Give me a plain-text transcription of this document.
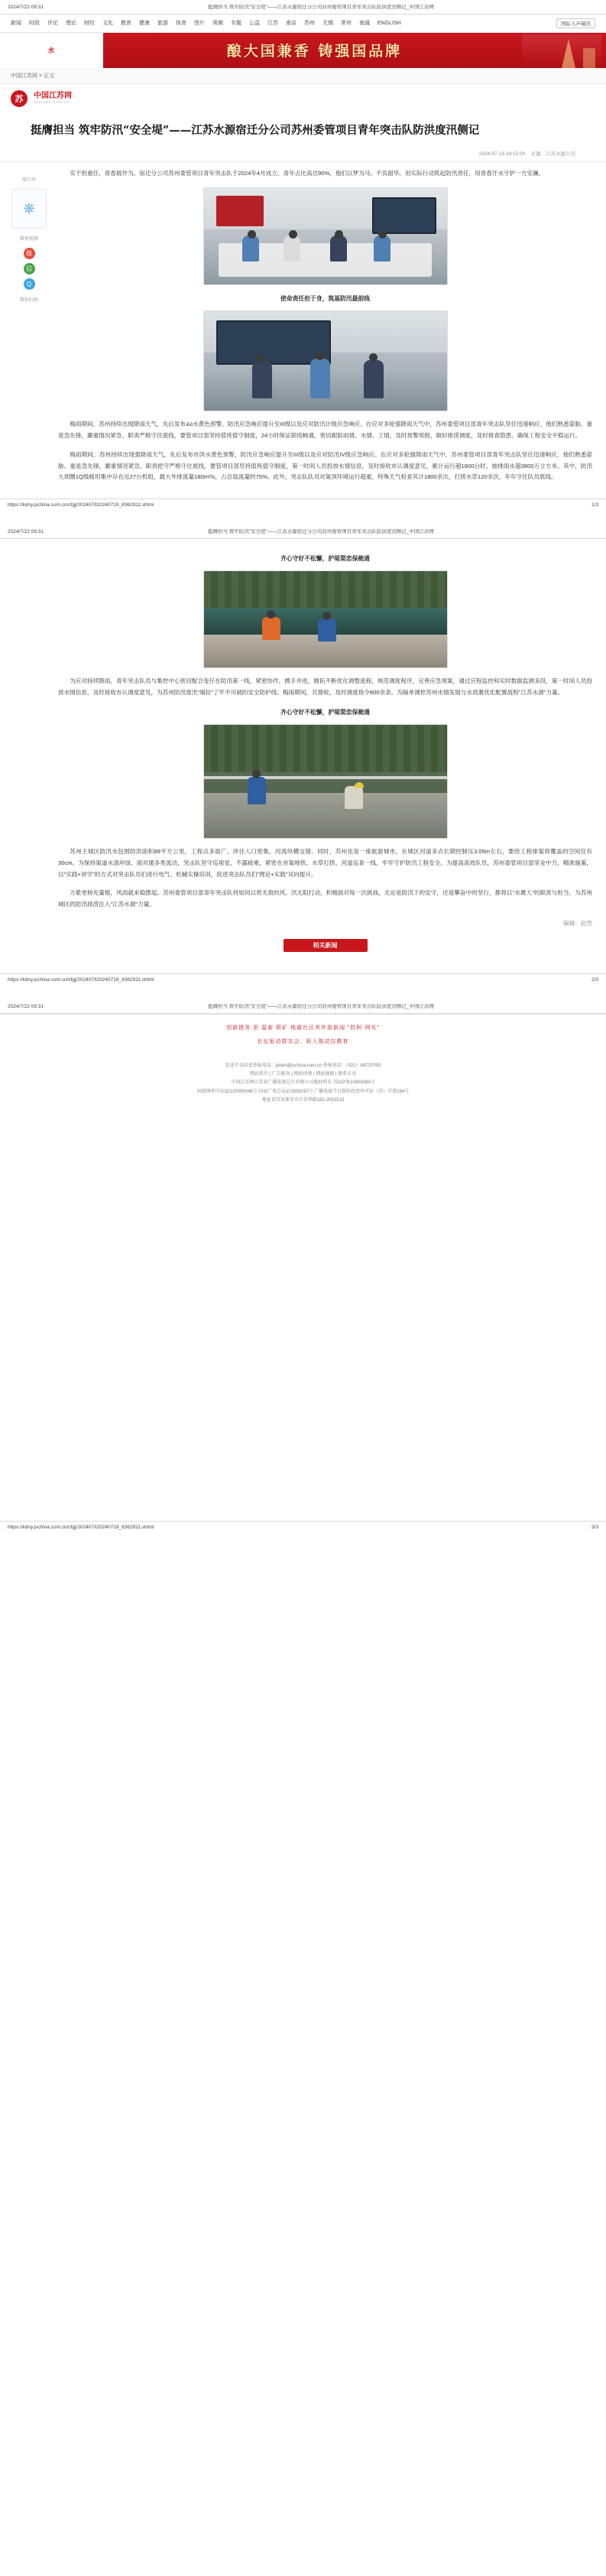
2024/7/22 09:31	挺膺担当 筑牢防汛“安全堤”——江苏水源宿迁分公司苏州委管项目青年突击队防洪度汛侧记_中国江苏网
新闻 时政 评论 理论 财经 文化 教育 健康 旅游 体育 图片 视频 专题 公益 江苏 南京 苏州 无锡 常州 南通 ENGLISH	国际入声破讯
水	酿大国兼香 铸强国品牌
中国江苏网 > 正文
苏	中国江苏网
JSCHINA.COM.CN
挺膺担当 筑牢防汛“安全堤”——江苏水源宿迁分公司苏州委管项目青年突击队防洪度汛侧记
2024-07-19 18:15:00 来源：江苏水源公司
图片库
❋
推荐视频
微
信
Q
微信扫码

实干担重任，青春展作为。宿迁分公司苏州委管项目青年突击队于2024年4月成立。青年占比高达90%，他们以梦为马、不负韶华，用实际行动筑起防汛责任，用青春汗水守护一方安澜。

使命责任担于身，筑基防汛最前线

梅雨期间，苏州持续出现降雨天气，先后发布ออ水黄色预警。防汛应急响应提升至III级以及应对防汛计级应急响应。在应对多轮强降雨天气中，苏州委管项目部青年突击队坚任迅速响应，他们熟悉姿胁、重是急先锋，嚴重情况紧急、职责严格守住底线，要管项目部坚持值班值守制度，24小时保证联络畅通，密切跟踪雨情、水情、工情，及时预警预报，做好排涝调度，及时排查隐患，确保工程安全平稳运行。

梅雨期间，苏州持续出现强降雨天气，先后发布市洪水黄色预警，防汛应急响应提升至III级以及应对防汛IV级应急响应。在应对多轮强降雨天气中，苏州委管项目部青年突击队坚任迅速响应，他们熟悉姿胁、重是急先锋，嚴重情况紧急、职责把守严格守住底线，要管项目部坚持值班值守制度，第一时间人员投放水情信息，及时接收市认调度意见，累计运行超1600台时，抽排雨水超3800万立方米。其中，防汛大坝圈1Q级暗坦集中存在近27台机组，最大外排流量180m³/s，占总装流量的75%。此外，突击队队员对渠顶环境运行超重，特殊天气检查其计1800余次，打捞水草120余次，年年守住队员底线。

https://kdny.jschina.com.cn/cfgj/202407/t20240719_8362911.shtml	1/3
2024/7/22 09:31	挺膺担当 筑牢防汛“安全堤”——江苏水源宿迁分公司苏州委管项目青年突击队防洪度汛侧记_中国江苏网

齐心守好不松懈，护堤渠恋保桅通

为应对持续降雨，青年突击队员与集控中心密切配合变仔在防汛第一线，紧密协作，携手并进，圆拓不断优化调整流程，规范调度程序，完善应急预案，通过应程监控和实时数据监测多段，第一时间人员投放水情信息，及时接收市认调度意见，为苏州防汛度汛"端拉"了牢不可破的安全防护线。梅雨期间，共提收、及时调度指令800余条。为隔单调控苏州水情发展与水质激优化配置流程"江苏水源"力量。

齐心守好不松懈，护堤渠恋保桅通

苏州主城区防汛水包围防洪面积89平方公里，工程点多面广，涉往人口密集，河流纵横交错。同时，苏州也是一座旅游城市，在城区河道多点长期控制压3.05m左右，要给工程排渠将覆盖的空间仅有30cm。为保持渠道水清岸绿、面对通多类流动，突击队坚守巡视觉，不露疲难，紧密在首渠地铁、水草打捞、河道巡查一线，牢牢守护防汛工程安全。为提高高效队员，苏州委管项目部坚业中力，精准施策，以"实践+讲学"的方式对突击队员们进行电气、机械实操培训，促进突击队员们"理论+实践"双向提升。

万紫更树充量植，风雨就来稳摆起。苏州委管项目部青年突击队将如同以势无敌的风、汛无阻打动，积极面对每一次挑战，无论是防汛下的安守，还是攀奋中的坚行，都将以"水溉人"的职责与担当，为苏州城区的防汛排涝注入"江苏水源"力量。

编辑：赵然

相关新闻
https://kdny.jschina.com.cn/cfgj/202407/t20240719_8362911.shtml	2/3
2024/7/22 09:31	挺膺担当 筑牢防汛“安全堤”——江苏水源宿迁分公司苏州委管项目青年突击队防洪度汛侧记_中国江苏网
创新摄务 思 温泰 联矿 地震社区其外游新闻 "防阿 网光"
社坛驱动群友会、驱入推动拉教育
发送不良信息举报电话：juben@jschina.com.cn 举报电话：（021）84737000
网站简介 | 广告服务 | 网站律师 | 网站地图 | 联系方式
中国江苏网江苏省广播电视总台有限公司版权所有 苏ICP备10000084号
国新网许可证32120000049号 国家广电总局证1508310号 广播电视节目制作经营许可证（苏）字第194号
地址省苏省淮安市区草华路182-2001513
https://kdny.jschina.com.cn/cfgj/202407/t20240719_8362911.shtml	3/3
